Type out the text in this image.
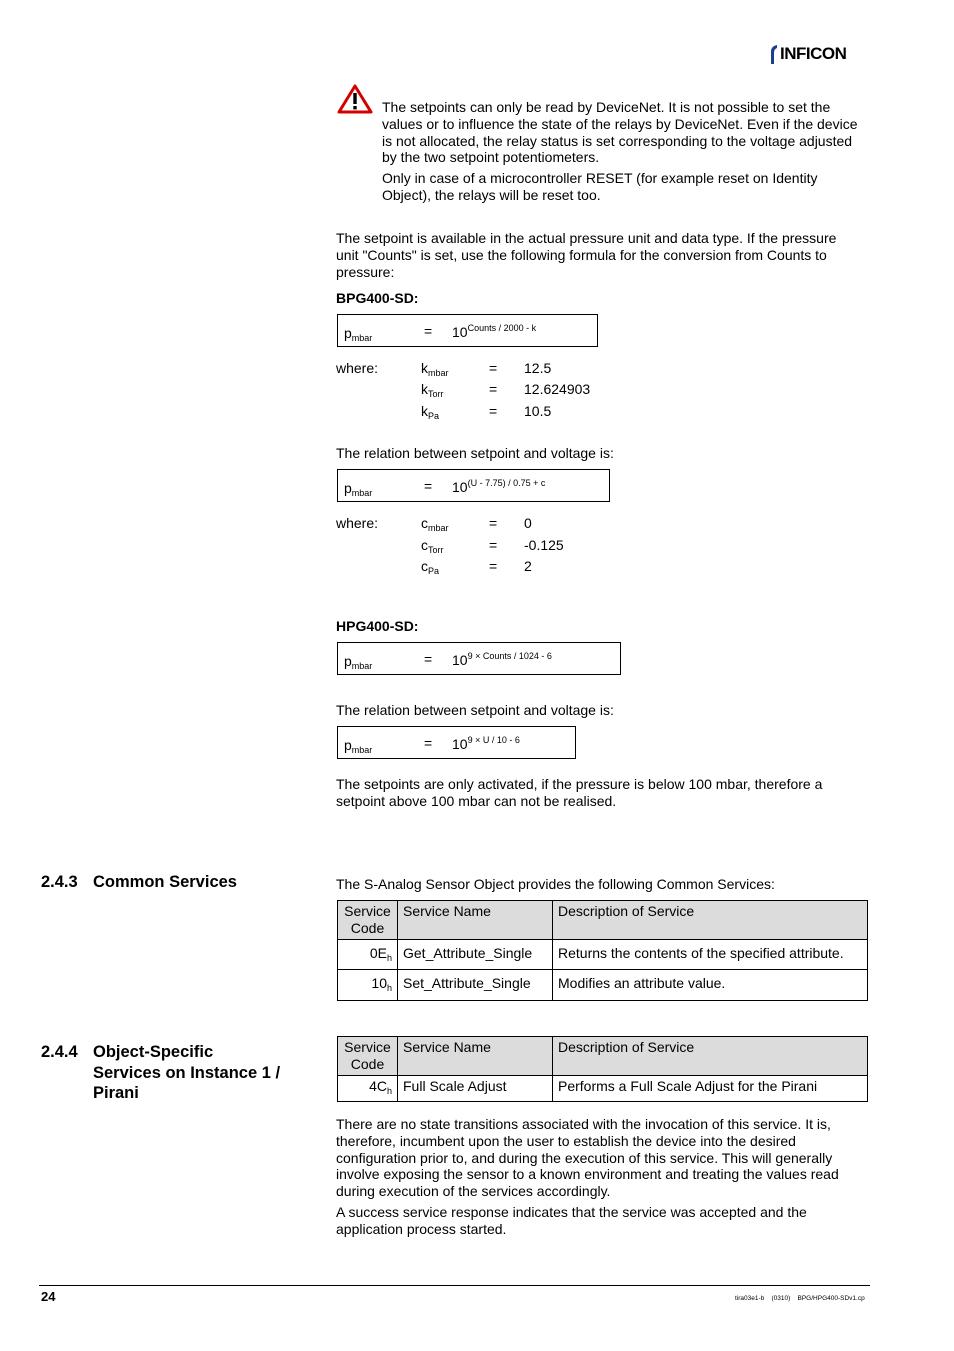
INFICON

The setpoints can only be read by DeviceNet. It is not possible to set the values or to influence the state of the relays by DeviceNet. Even if the device is not allocated, the relay status is set corresponding to the voltage adjusted by the two setpoint potentiometers.

Only in case of a microcontroller RESET (for example reset on Identity Object), the relays will be reset too.

The setpoint is available in the actual pressure unit and data type. If the pressure unit "Counts" is set, use the following formula for the conversion from Counts to pressure:

BPG400-SD:
$p_{mbar}$	= $10^{Counts / 2000 - k}$
where:	$k_{mbar}$	= 12.5
$k_{Torr}$	= 12.624903
$k_{Pa}$	= 10.5

The relation between setpoint and voltage is:

$p_{mbar}$	= $10^{(U - 7.75) / 0.75 + c}$
where:	$c_{mbar}$	= 0
$c_{Torr}$	= -0.125
$c_{Pa}$	= 2
HPG400-SD:
$p_{mbar}$	= $10^{9 \times Counts / 1024 - 6}$

The relation between setpoint and voltage is:

$p_{mbar}$	= $10^{9 \times U / 10 - 6}$

The setpoints are only activated, if the pressure is below 100 mbar, therefore a setpoint above 100 mbar can not be realised.

2.4.3 Common Services	The S-Analog Sensor Object provides the following Common Services:

Service Code	Service Name	Description of Service
$0E_h$	Get_Attribute_Single	Returns the contents of the specified attribute.
$10_h$	Set_Attribute_Single	Modifies an attribute value.
2.4.4 Object-Specific
Services on Instance 1 /
Pirani
Service Code	Service Name	Description of Service
$4C_h$	Full Scale Adjust	Performs a Full Scale Adjust for the Pirani

There are no state transitions associated with the invocation of this service. It is, therefore, incumbent upon the user to establish the device into the desired configuration prior to, and during the execution of this service. This will generally involve exposing the sensor to a known environment and treating the values read during execution of the services accordingly.

A success service response indicates that the service was accepted and the application process started.

24	tira03e1-b    (0310)    BPG/HPG400-SDv1.cp
